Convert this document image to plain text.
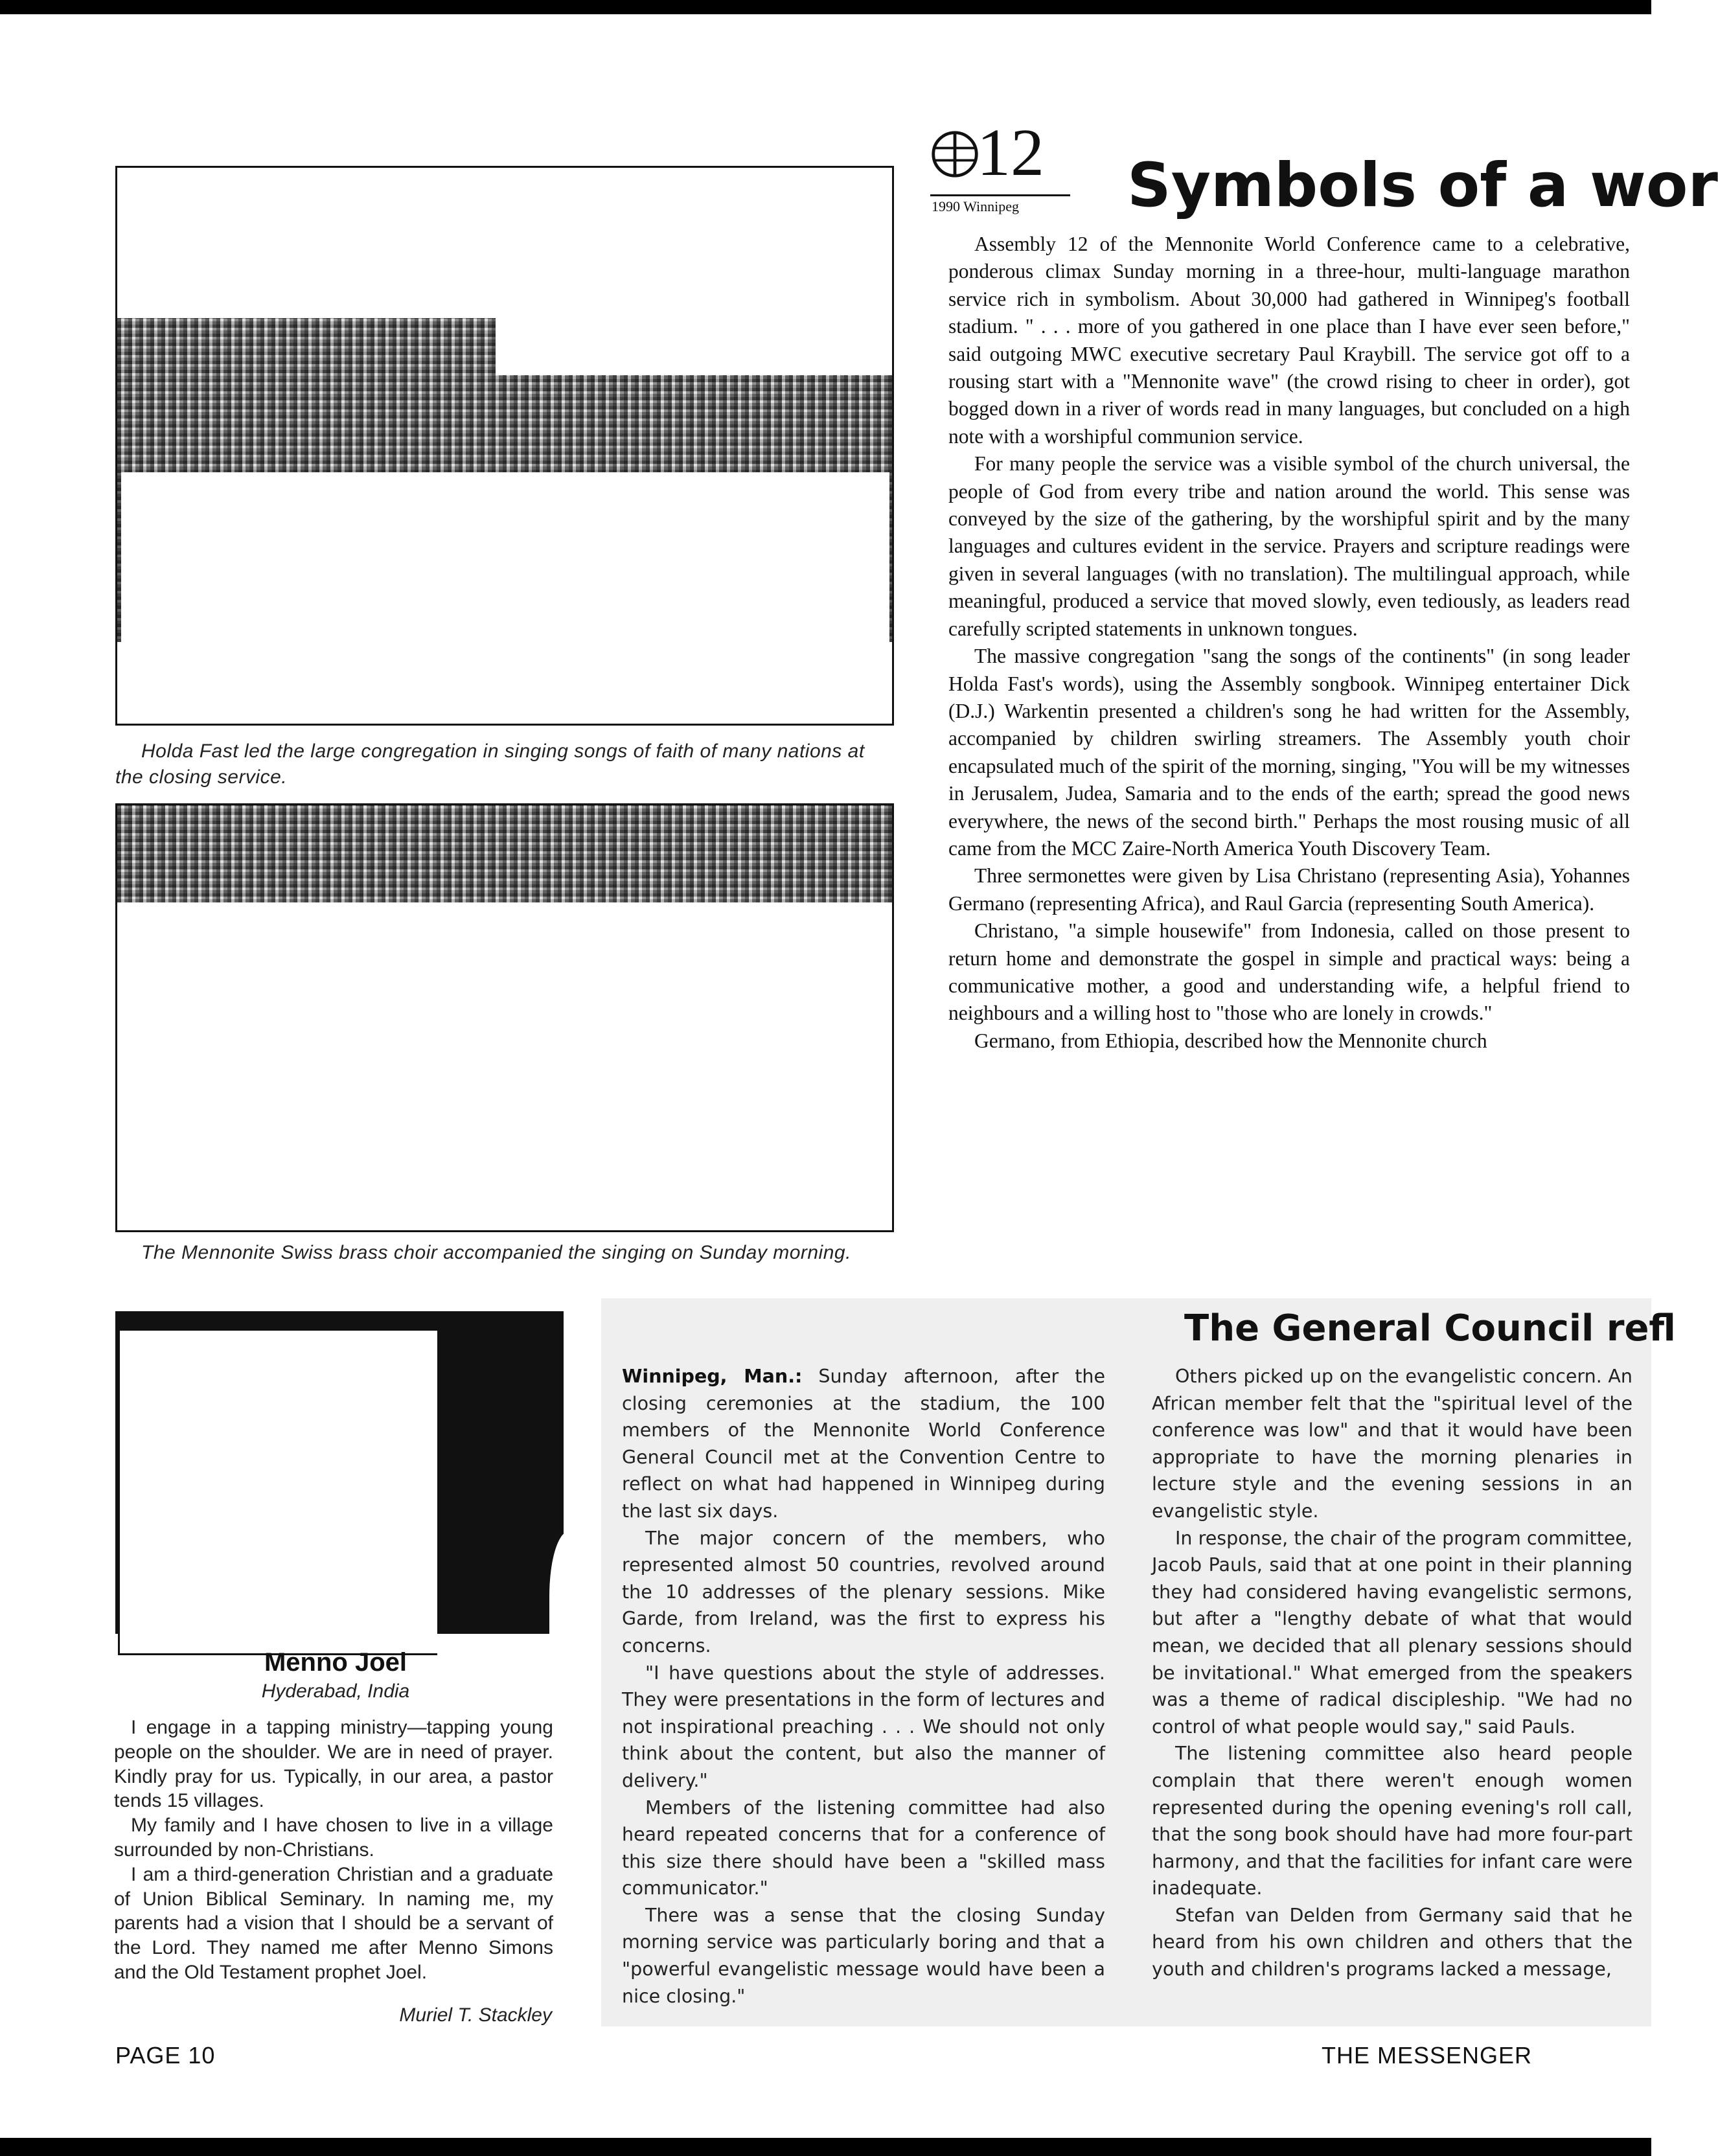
Holda Fast led the large congregation in singing songs of faith of many nations at the closing service.
The Mennonite Swiss brass choir accompanied the singing on Sunday morning.
12
1990 Winnipeg Symbols of a wor

Assembly 12 of the Mennonite World Conference came to a celebrative, ponderous climax Sunday morning in a three-hour, multi-language marathon service rich in symbolism. About 30,000 had gathered in Winnipeg's football stadium. " . . . more of you gathered in one place than I have ever seen before," said outgoing MWC executive secretary Paul Kraybill. The service got off to a rousing start with a "Mennonite wave" (the crowd rising to cheer in order), got bogged down in a river of words read in many languages, but concluded on a high note with a worshipful communion service.

For many people the service was a visible symbol of the church universal, the people of God from every tribe and nation around the world. This sense was conveyed by the size of the gathering, by the worshipful spirit and by the many languages and cultures evident in the service. Prayers and scripture readings were given in several languages (with no translation). The multilingual approach, while meaningful, produced a service that moved slowly, even tediously, as leaders read carefully scripted statements in unknown tongues.

The massive congregation "sang the songs of the continents" (in song leader Holda Fast's words), using the Assembly songbook. Winnipeg entertainer Dick (D.J.) Warkentin presented a children's song he had written for the Assembly, accompanied by children swirling streamers. The Assembly youth choir encapsulated much of the spirit of the morning, singing, "You will be my witnesses in Jerusalem, Judea, Samaria and to the ends of the earth; spread the good news everywhere, the news of the second birth." Perhaps the most rousing music of all came from the MCC Zaire-North America Youth Discovery Team.

Three sermonettes were given by Lisa Christano (representing Asia), Yohannes Germano (representing Africa), and Raul Garcia (representing South America).

Christano, "a simple housewife" from Indonesia, called on those present to return home and demonstrate the gospel in simple and practical ways: being a communicative mother, a good and understanding wife, a helpful friend to neighbours and a willing host to "those who are lonely in crowds."

Germano, from Ethiopia, described how the Mennonite church

Menno Joel
Hyderabad, India

I engage in a tapping ministry—tapping young people on the shoulder. We are in need of prayer. Kindly pray for us. Typically, in our area, a pastor tends 15 villages.

My family and I have chosen to live in a village surrounded by non-Christians.

I am a third-generation Christian and a graduate of Union Biblical Seminary. In naming me, my parents had a vision that I should be a servant of the Lord. They named me after Menno Simons and the Old Testament prophet Joel.

Muriel T. Stackley
The General Council refl

Winnipeg, Man.: Sunday afternoon, after the closing ceremonies at the stadium, the 100 members of the Mennonite World Conference General Council met at the Convention Centre to reflect on what had happened in Winnipeg during the last six days.

The major concern of the members, who represented almost 50 countries, revolved around the 10 addresses of the plenary sessions. Mike Garde, from Ireland, was the first to express his concerns.

"I have questions about the style of addresses. They were presentations in the form of lectures and not inspirational preaching . . . We should not only think about the content, but also the manner of delivery."

Members of the listening committee had also heard repeated concerns that for a conference of this size there should have been a "skilled mass communicator."

There was a sense that the closing Sunday morning service was particularly boring and that a "powerful evangelistic message would have been a nice closing."

Others picked up on the evangelistic concern. An African member felt that the "spiritual level of the conference was low" and that it would have been appropriate to have the morning plenaries in lecture style and the evening sessions in an evangelistic style.

In response, the chair of the program committee, Jacob Pauls, said that at one point in their planning they had considered having evangelistic sermons, but after a "lengthy debate of what that would mean, we decided that all plenary sessions should be invitational." What emerged from the speakers was a theme of radical discipleship. "We had no control of what people would say," said Pauls.

The listening committee also heard people complain that there weren't enough women represented during the opening evening's roll call, that the song book should have had more four-part harmony, and that the facilities for infant care were inadequate.

Stefan van Delden from Germany said that he heard from his own children and others that the youth and children's programs lacked a message,

PAGE 10	THE MESSENGER
